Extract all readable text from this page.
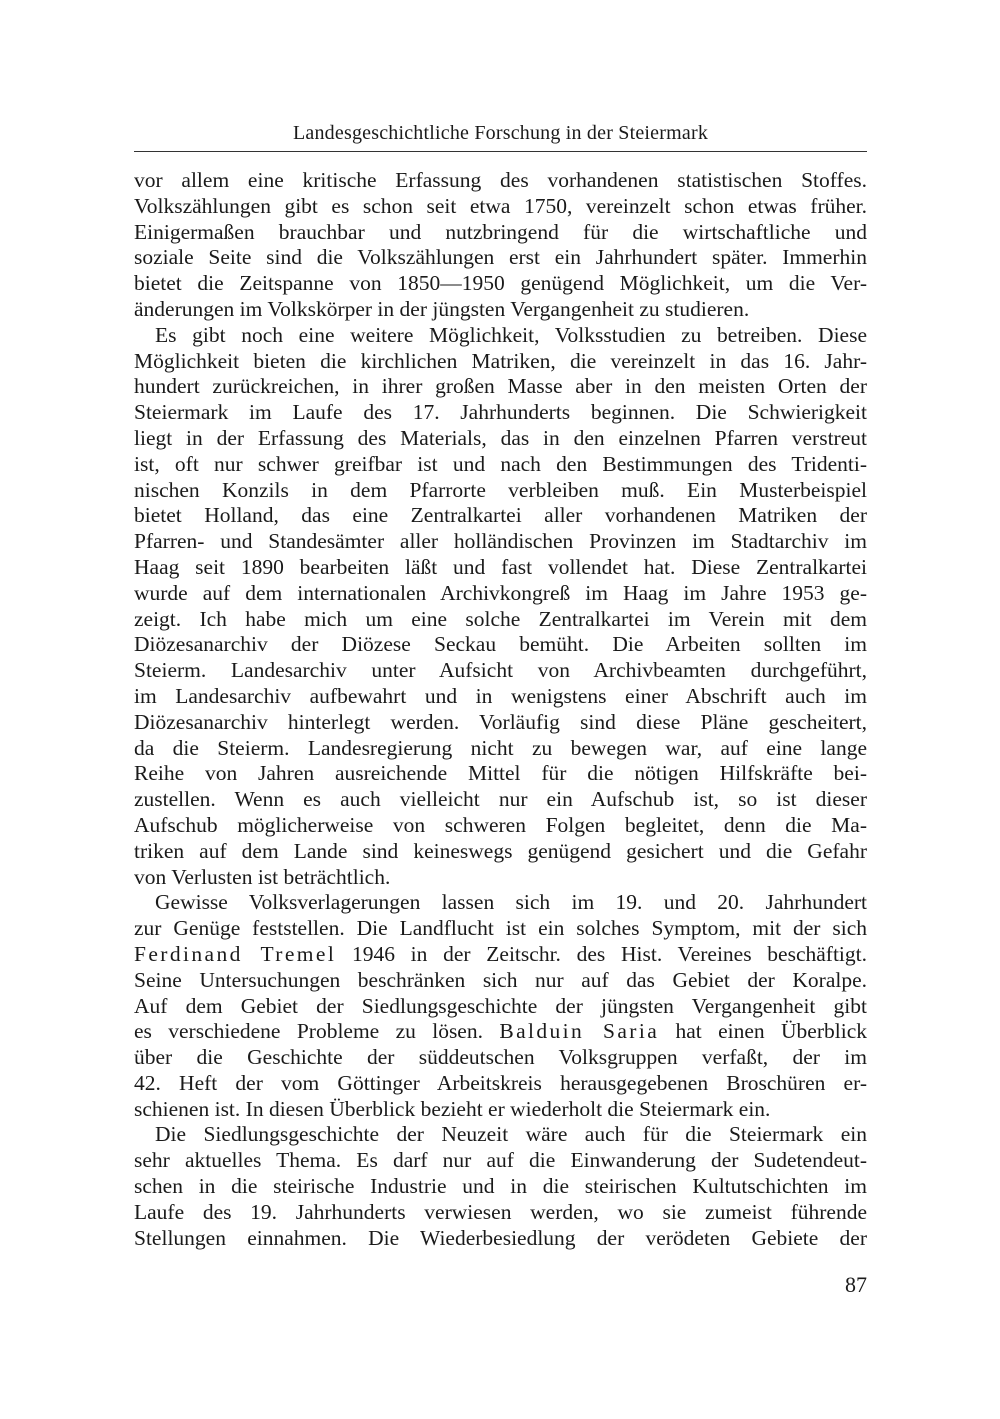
Landesgeschichtliche Forschung in der Steiermark
vor allem eine kritische Erfassung des vorhandenen statistischen Stoffes.
Volkszählungen gibt es schon seit etwa 1750, vereinzelt schon etwas früher.
Einigermaßen brauchbar und nutzbringend für die wirtschaftliche und
soziale Seite sind die Volkszählungen erst ein Jahrhundert später. Immerhin
bietet die Zeitspanne von 1850—1950 genügend Möglichkeit, um die Ver-
änderungen im Volkskörper in der jüngsten Vergangenheit zu studieren.
Es gibt noch eine weitere Möglichkeit, Volksstudien zu betreiben. Diese
Möglichkeit bieten die kirchlichen Matriken, die vereinzelt in das 16. Jahr-
hundert zurückreichen, in ihrer großen Masse aber in den meisten Orten der
Steiermark im Laufe des 17. Jahrhunderts beginnen. Die Schwierigkeit
liegt in der Erfassung des Materials, das in den einzelnen Pfarren verstreut
ist, oft nur schwer greifbar ist und nach den Bestimmungen des Tridenti-
nischen Konzils in dem Pfarrorte verbleiben muß. Ein Musterbeispiel
bietet Holland, das eine Zentralkartei aller vorhandenen Matriken der
Pfarren- und Standesämter aller holländischen Provinzen im Stadtarchiv im
Haag seit 1890 bearbeiten läßt und fast vollendet hat. Diese Zentralkartei
wurde auf dem internationalen Archivkongreß im Haag im Jahre 1953 ge-
zeigt. Ich habe mich um eine solche Zentralkartei im Verein mit dem
Diözesanarchiv der Diözese Seckau bemüht. Die Arbeiten sollten im
Steierm. Landesarchiv unter Aufsicht von Archivbeamten durchgeführt,
im Landesarchiv aufbewahrt und in wenigstens einer Abschrift auch im
Diözesanarchiv hinterlegt werden. Vorläufig sind diese Pläne gescheitert,
da die Steierm. Landesregierung nicht zu bewegen war, auf eine lange
Reihe von Jahren ausreichende Mittel für die nötigen Hilfskräfte bei-
zustellen. Wenn es auch vielleicht nur ein Aufschub ist, so ist dieser
Aufschub möglicherweise von schweren Folgen begleitet, denn die Ma-
triken auf dem Lande sind keineswegs genügend gesichert und die Gefahr
von Verlusten ist beträchtlich.
Gewisse Volksverlagerungen lassen sich im 19. und 20. Jahrhundert
zur Genüge feststellen. Die Landflucht ist ein solches Symptom, mit der sich
Ferdinand Tremel 1946 in der Zeitschr. des Hist. Vereines beschäftigt.
Seine Untersuchungen beschränken sich nur auf das Gebiet der Koralpe.
Auf dem Gebiet der Siedlungsgeschichte der jüngsten Vergangenheit gibt
es verschiedene Probleme zu lösen. Balduin Saria hat einen Überblick
über die Geschichte der süddeutschen Volksgruppen verfaßt, der im
42. Heft der vom Göttinger Arbeitskreis herausgegebenen Broschüren er-
schienen ist. In diesen Überblick bezieht er wiederholt die Steiermark ein.
Die Siedlungsgeschichte der Neuzeit wäre auch für die Steiermark ein
sehr aktuelles Thema. Es darf nur auf die Einwanderung der Sudetendeut-
schen in die steirische Industrie und in die steirischen Kultutschichten im
Laufe des 19. Jahrhunderts verwiesen werden, wo sie zumeist führende
Stellungen einnahmen. Die Wiederbesiedlung der verödeten Gebiete der
87
